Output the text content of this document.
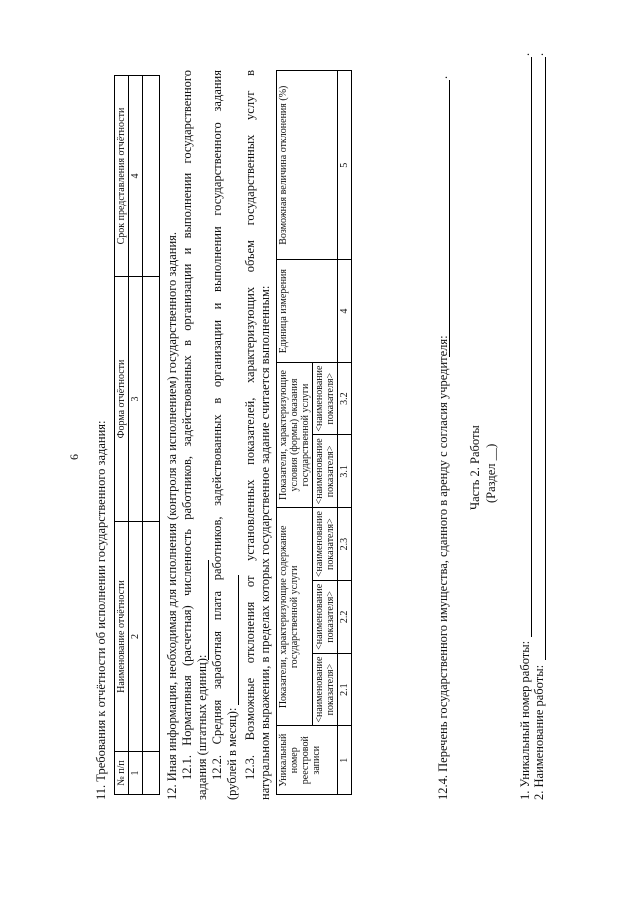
6 11. Требования к отчётности об исполнении государственного задания: № п/п	Наименование отчётности	Форма отчётности	Срок представления отчётности
1	2	3	4

12. Иная информация, необходимая для исполнения (контроля за исполнением) государственного задания. 12.1. Нормативная (расчетная) численность работников, задействованных в организации и выполнении государственного задания (штатных единиц): 12.2. Средняя заработная плата работников, задействованных в организации и выполнении государственного задания (рублей в месяц): 12.3. Возможные отклонения от установленных показателей, характеризующих объем государственных услуг в натуральном выражении, в пределах которых государственное задание считается выполненным: Уникальный номер реестровой записи	Показатели, характеризующие содержание государственной услуги			Показатели, характеризующие условия (формы) оказания государственной услуги		Единица измерения	Возможная величина отклонения (%)
	<наименование показателя>	<наименование показателя>	<наименование показателя>	<наименование показателя>	<наименование показателя>		
1	2.1	2.2	2.3	3.1	3.2	4	5
12.4. Перечень государственного имущества, сданного в аренду с согласия учредителя:
.
Часть 2. Работы (Раздел __)
1. Уникальный номер работы:
.
2. Наименование работы:
.
